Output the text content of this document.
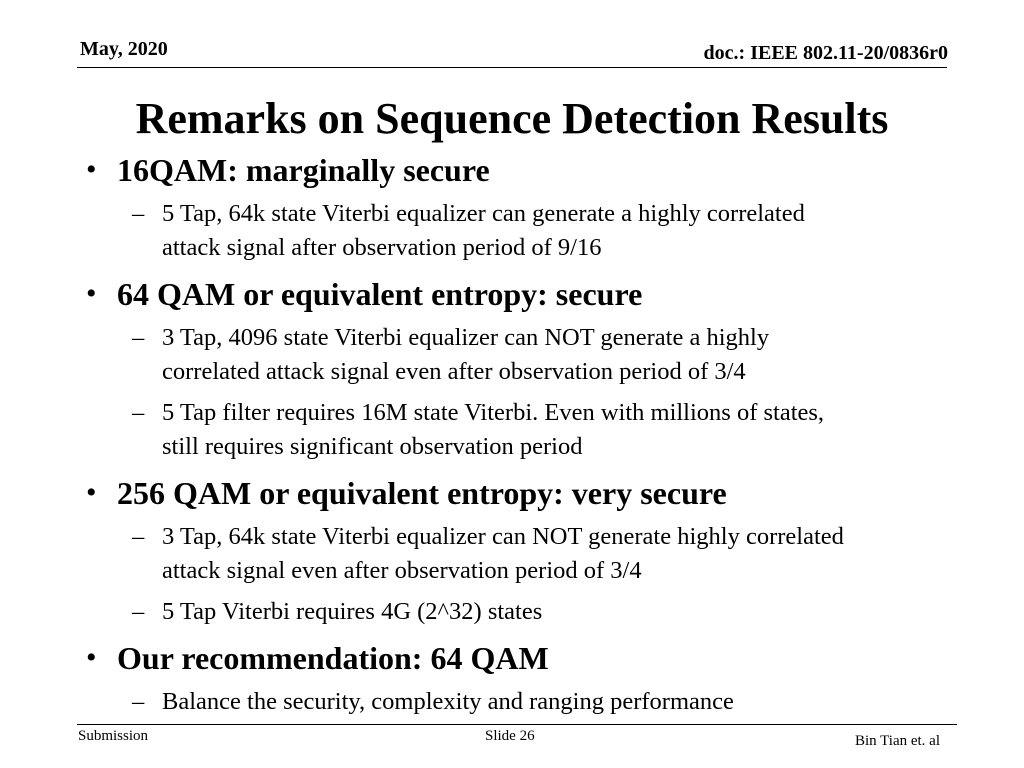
May, 2020	doc.: IEEE 802.11-20/0836r0
Remarks on Sequence Detection Results
• 16QAM: marginally secure
– 5 Tap, 64k state Viterbi equalizer can generate a highly correlated
attack signal after observation period of 9/16
• 64 QAM or equivalent entropy: secure
– 3 Tap, 4096 state Viterbi equalizer can NOT generate a highly
correlated attack signal even after observation period of 3/4
– 5 Tap filter requires 16M state Viterbi. Even with millions of states,
still requires significant observation period
• 256 QAM or equivalent entropy: very secure
– 3 Tap, 64k state Viterbi equalizer can NOT generate highly correlated
attack signal even after observation period of 3/4
– 5 Tap Viterbi requires 4G (2^32) states
• Our recommendation: 64 QAM
– Balance the security, complexity and ranging performance
Submission	Slide 26	Bin Tian et. al
